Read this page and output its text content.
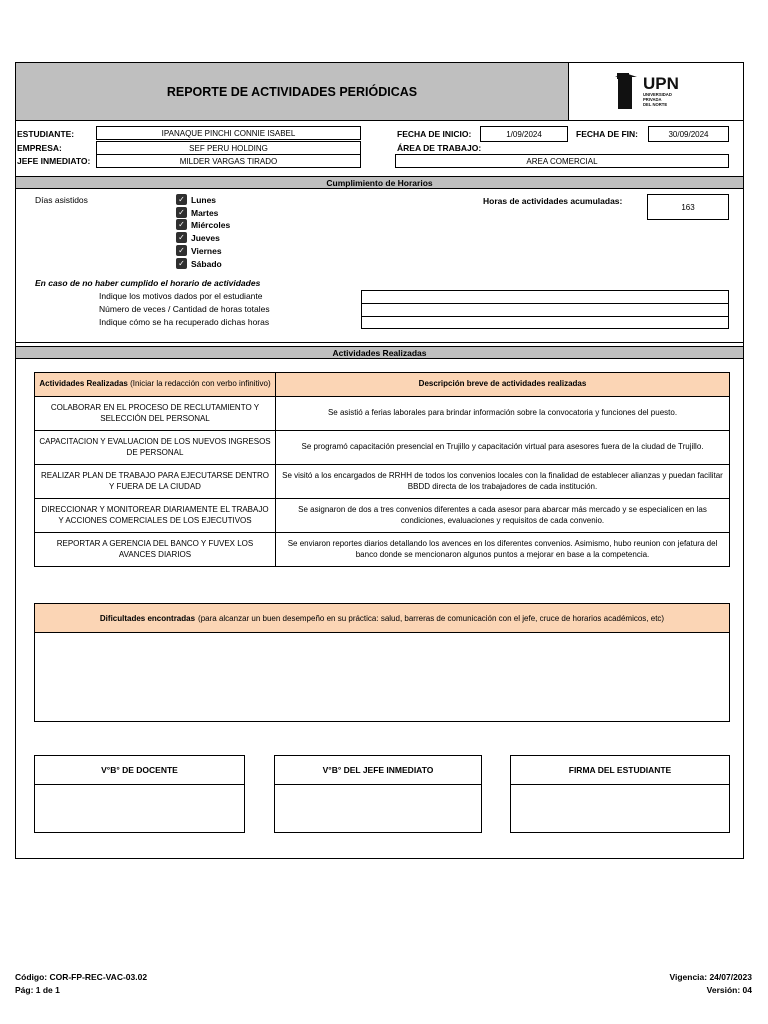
REPORTE DE ACTIVIDADES PERIÓDICAS	UPN
UNIVERSIDAD
PRIVADA
DEL NORTE
ESTUDIANTE:	IPANAQUE PINCHI CONNIE ISABEL
EMPRESA:	SEF PERU HOLDING
JEFE INMEDIATO:	MILDER VARGAS TIRADO
FECHA DE INICIO:	1/09/2024	FECHA DE FIN:	30/09/2024
ÁREA DE TRABAJO:
AREA COMERCIAL
Cumplimiento de Horarios
Días asistidos	✓ Lunes
✓ Martes
✓ Miércoles
✓ Jueves
✓ Viernes
✓ Sábado
Horas de actividades acumuladas:
163
En caso de no haber cumplido el horario de actividades
Indique los motivos dados por el estudiante
Número de veces / Cantidad de horas totales
Indique cómo se ha recuperado dichas horas
Actividades Realizadas
Actividades Realizadas (Iniciar la redacción con verbo infinitivo)	Descripción breve de actividades realizadas
COLABORAR EN EL PROCESO DE RECLUTAMIENTO Y SELECCIÓN DEL PERSONAL	Se asistió a ferias laborales para brindar información sobre la convocatoria y funciones del puesto.
CAPACITACION Y EVALUACION DE LOS NUEVOS INGRESOS DE PERSONAL	Se programó capacitación presencial en Trujillo y capacitación virtual para asesores fuera de la ciudad de Trujillo.
REALIZAR PLAN DE TRABAJO PARA EJECUTARSE DENTRO Y FUERA DE LA CIUDAD	Se visitó a los encargados de RRHH de todos los convenios locales con la finalidad de establecer alianzas y puedan facilitar BBDD directa de los trabajadores de cada institución.
DIRECCIONAR Y MONITOREAR DIARIAMENTE EL TRABAJO Y ACCIONES COMERCIALES DE LOS EJECUTIVOS	Se asignaron de dos a tres convenios diferentes a cada asesor para abarcar más mercado y se especialicen en las condiciones, evaluaciones y requisitos de cada convenio.
REPORTAR A GERENCIA DEL BANCO Y FUVEX LOS AVANCES DIARIOS	Se enviaron reportes diarios detallando los avences en los diferentes convenios. Asimismo, hubo reunion con jefatura del banco donde se mencionaron algunos puntos a mejorar en base a la competencia.
Dificultades encontradas (para alcanzar un buen desempeño en su práctica: salud, barreras de comunicación con el jefe, cruce de horarios académicos, etc)
V°B° DE DOCENTE	V°B° DEL JEFE INMEDIATO	FIRMA DEL ESTUDIANTE
Código: COR-FP-REC-VAC-03.02
Pág: 1 de 1
Vigencia: 24/07/2023
Versión: 04
